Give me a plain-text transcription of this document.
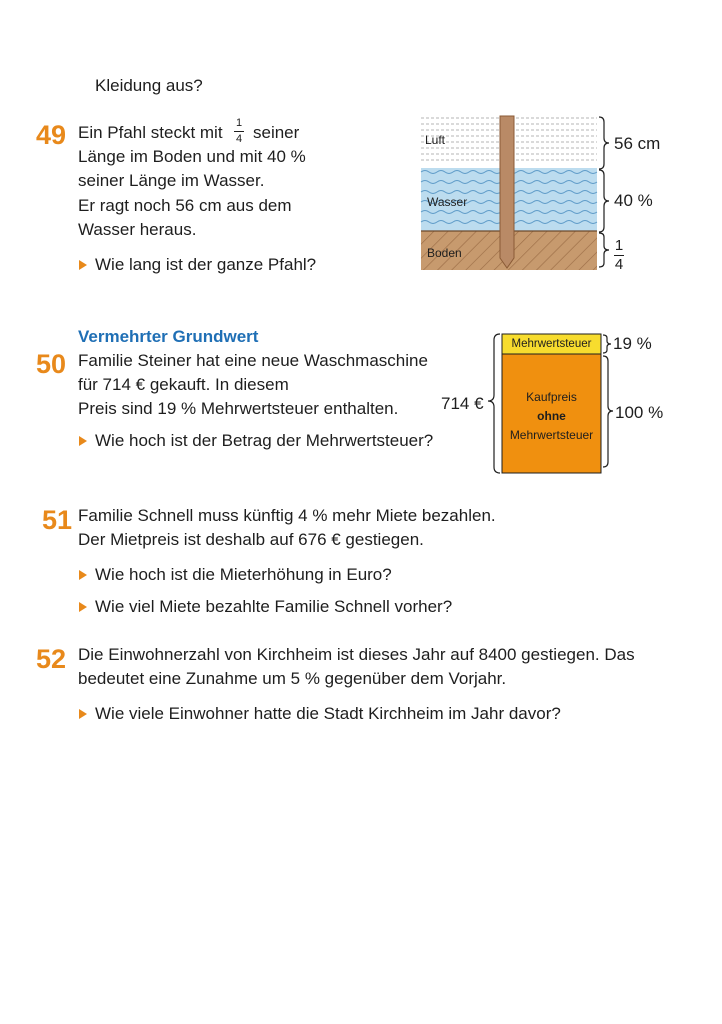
Kleidung aus?
49 Ein Pfahl steckt mit 1
4 seiner
Länge im Boden und mit 40 %
seiner Länge im Wasser.
Er ragt noch 56 cm aus dem
Wasser heraus.
Wie lang ist der ganze Pfahl?
Luft
Wasser
Boden
56 cm
40 %
1
4
Vermehrter Grundwert
50 Familie Steiner hat eine neue Waschmaschine
für 714 € gekauft. In diesem
Preis sind 19 % Mehrwertsteuer enthalten.
Wie hoch ist der Betrag der Mehrwertsteuer?
714 €
Mehrwertsteuer	19 %
Kaufpreis
ohne
Mehrwertsteuer
100 %
51 Familie Schnell muss künftig 4 % mehr Miete bezahlen.
Der Mietpreis ist deshalb auf 676 € gestiegen.
Wie hoch ist die Mieterhöhung in Euro?
Wie viel Miete bezahlte Familie Schnell vorher?
52 Die Einwohnerzahl von Kirchheim ist dieses Jahr auf 8400 gestiegen. Das
bedeutet eine Zunahme um 5 % gegenüber dem Vorjahr.
Wie viele Einwohner hatte die Stadt Kirchheim im Jahr davor?
